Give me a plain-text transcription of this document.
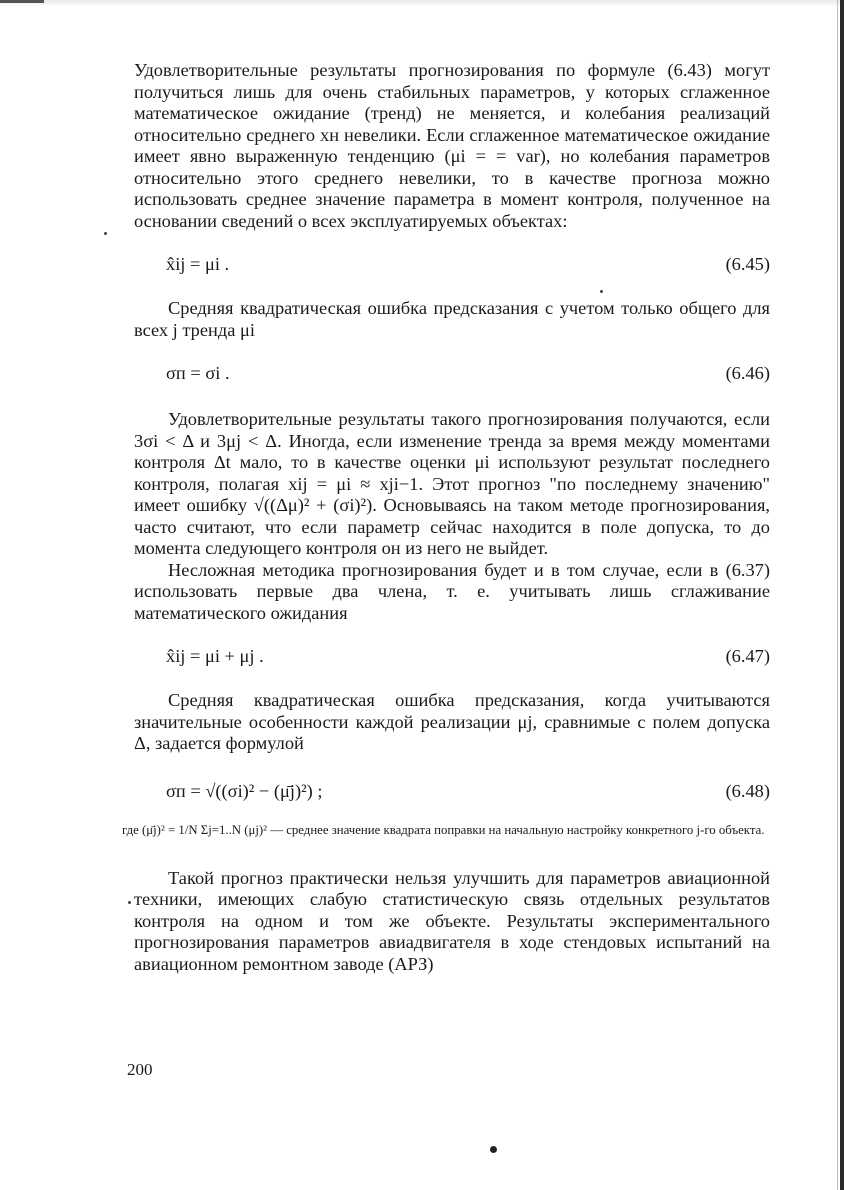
Удовлетворительные результаты прогнозирования по формуле (6.43) могут получиться лишь для очень стабильных параметров, у которых сглаженное математическое ожидание (тренд) не меняется, и колебания реализаций относительно среднего xн невелики. Если сглаженное математическое ожидание имеет явно выраженную тенденцию (μi = = var), но колебания параметров относительно этого среднего невелики, то в качестве прогноза можно использовать среднее значение параметра в момент контроля, полученное на основании сведений о всех эксплуатируемых объектах:

x̂ij = μi .	(6.45)

Средняя квадратическая ошибка предсказания с учетом только общего для всех j тренда μi

σп = σi .	(6.46)

Удовлетворительные результаты такого прогнозирования получаются, если 3σi < Δ и 3μj < Δ. Иногда, если изменение тренда за время между моментами контроля Δt мало, то в качестве оценки μi используют результат последнего контроля, полагая xij = μi ≈ xji−1. Этот прогноз "по последнему значению" имеет ошибку √((Δμ)² + (σi)²). Основываясь на таком методе прогнозирования, часто считают, что если параметр сейчас находится в поле допуска, то до момента следующего контроля он из него не выйдет.

Несложная методика прогнозирования будет и в том случае, если в (6.37) использовать первые два члена, т. е. учитывать лишь сглаживание математического ожидания

x̂ij = μi + μj .	(6.47)

Средняя квадратическая ошибка предсказания, когда учитываются значительные особенности каждой реализации μj, сравнимые с полем допуска Δ, задается формулой

σп = √((σi)² − (μ̄j)²) ;	(6.48)

где (μ̄j)² = 1/N Σj=1..N (μj)² — среднее значение квадрата поправки на начальную настройку конкретного j-го объекта.

Такой прогноз практически нельзя улучшить для параметров авиационной техники, имеющих слабую статистическую связь отдельных результатов контроля на одном и том же объекте. Результаты экспериментального прогнозирования параметров авиадвигателя в ходе стендовых испытаний на авиационном ремонтном заводе (АРЗ)

200
